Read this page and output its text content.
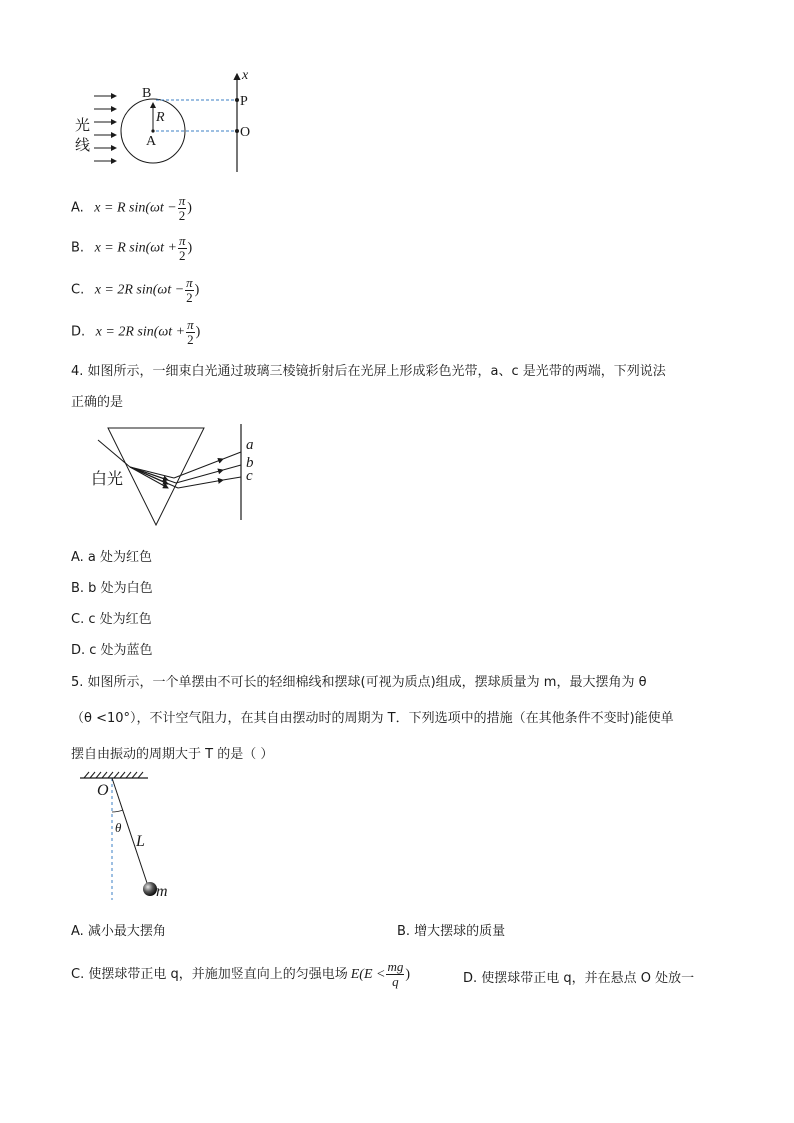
光
线
B
A
R
P
O
x
A. x = R $\sin(\omega t - \frac{\pi}{2}$ )
B. x = R $\sin(\omega t + \frac{\pi}{2}$ )
C. x = 2R $\sin(\omega t - \frac{\pi}{2}$ )
D. x = 2R $\sin(\omega t + \frac{\pi}{2}$ )
4. 如图所示，一细束白光通过玻璃三棱镜折射后在光屏上形成彩色光带，a、c 是光带的两端，下列说法
正确的是
白光
a
b
c
A. a 处为红色
B. b 处为白色
C. c 处为红色
D. c 处为蓝色
5. 如图所示，一个单摆由不可长的轻细棉线和摆球(可视为质点)组成，摆球质量为 m，最大摆角为 θ
（θ <10°），不计空气阻力，在其自由摆动时的周期为 T．下列选项中的措施（在其他条件不变时)能使单
摆自由振动的周期大于 T 的是（ ）
O
θ
L
m
A. 减小最大摆角	B. 增大摆球的质量
C. 使摆球带正电 q，并施加竖直向上的匀强电场 $E(E < \frac{mg}{q}$ )	D. 使摆球带正电 q，并在悬点 O 处放一
